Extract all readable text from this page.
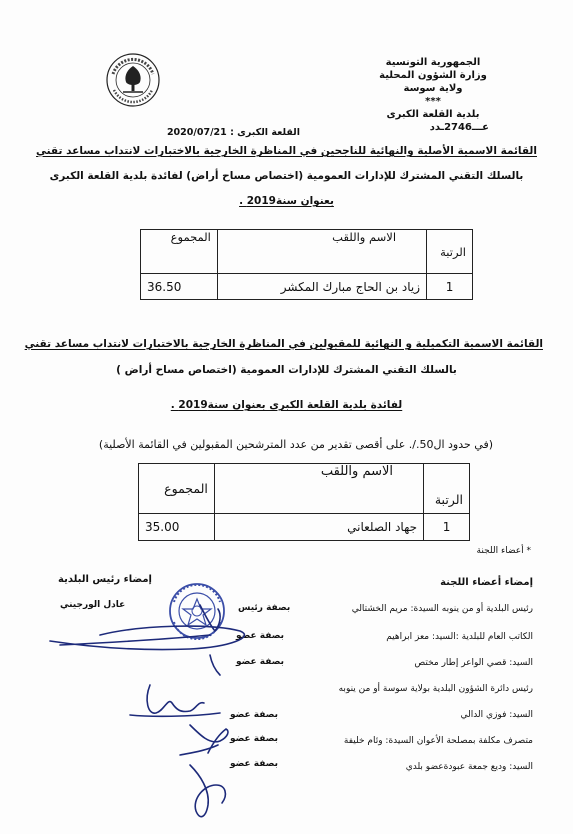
الجمهورية التونسية
وزارة الشؤون المحلية
ولاية سوسة
***
بلدية القلعة الكبرى
عـــ2746ـدد
القلعة الكبرى : 2020/07/21
القائمة الاسمية الأصلية والنهائية للناجحين في المناظرة الخارجية بالاختبارات لانتداب مساعد تقني
بالسلك التقني المشترك للإدارات العمومية (اختصاص مساح أراض) لفائدة بلدية القلعة الكبرى
بعنوان سنة2019 .
الرتبة	الاسم واللقب	المجموع
1	زياد بن الحاج مبارك المكشر	36.50
القائمة الاسمية التكميلية و النهائية للمقبولين في المناظرة الخارجية بالاختبارات لانتداب مساعد تقني
بالسلك التقني المشترك للإدارات العمومية (اختصاص مساح أراض )
لفائدة بلدية القلعة الكبرى بعنوان سنة2019 .
(في حدود ال50./. على أقصى تقدير من عدد المترشحين المقبولين في القائمة الأصلية)
الرتبة	الاسم واللقب	المجموع
1	جهاد الصلعاني	35.00
* أعضاء اللجنة
إمضاء أعضاء اللجنة
إمضاء رئيس البلدية
رئيس البلدية أو من ينوبه السيدة: مريم الخشتالي
الكاتب العام للبلدية :السيد: معز ابراهيم
السيد: قصي الواعر إطار مختص
رئيس دائرة الشؤون البلدية بولاية سوسة أو من ينوبه
السيد: فوزي الدالي
متصرف مكلفة بمصلحة الأعوان السيدة: وئام خليفة
السيد: وديع جمعة عبودةعضو بلدي
بصفة رئيس
بصفة عضو
بصفة عضو
بصفة عضو
بصفة عضو
بصفة عضو
عادل الورجيني
